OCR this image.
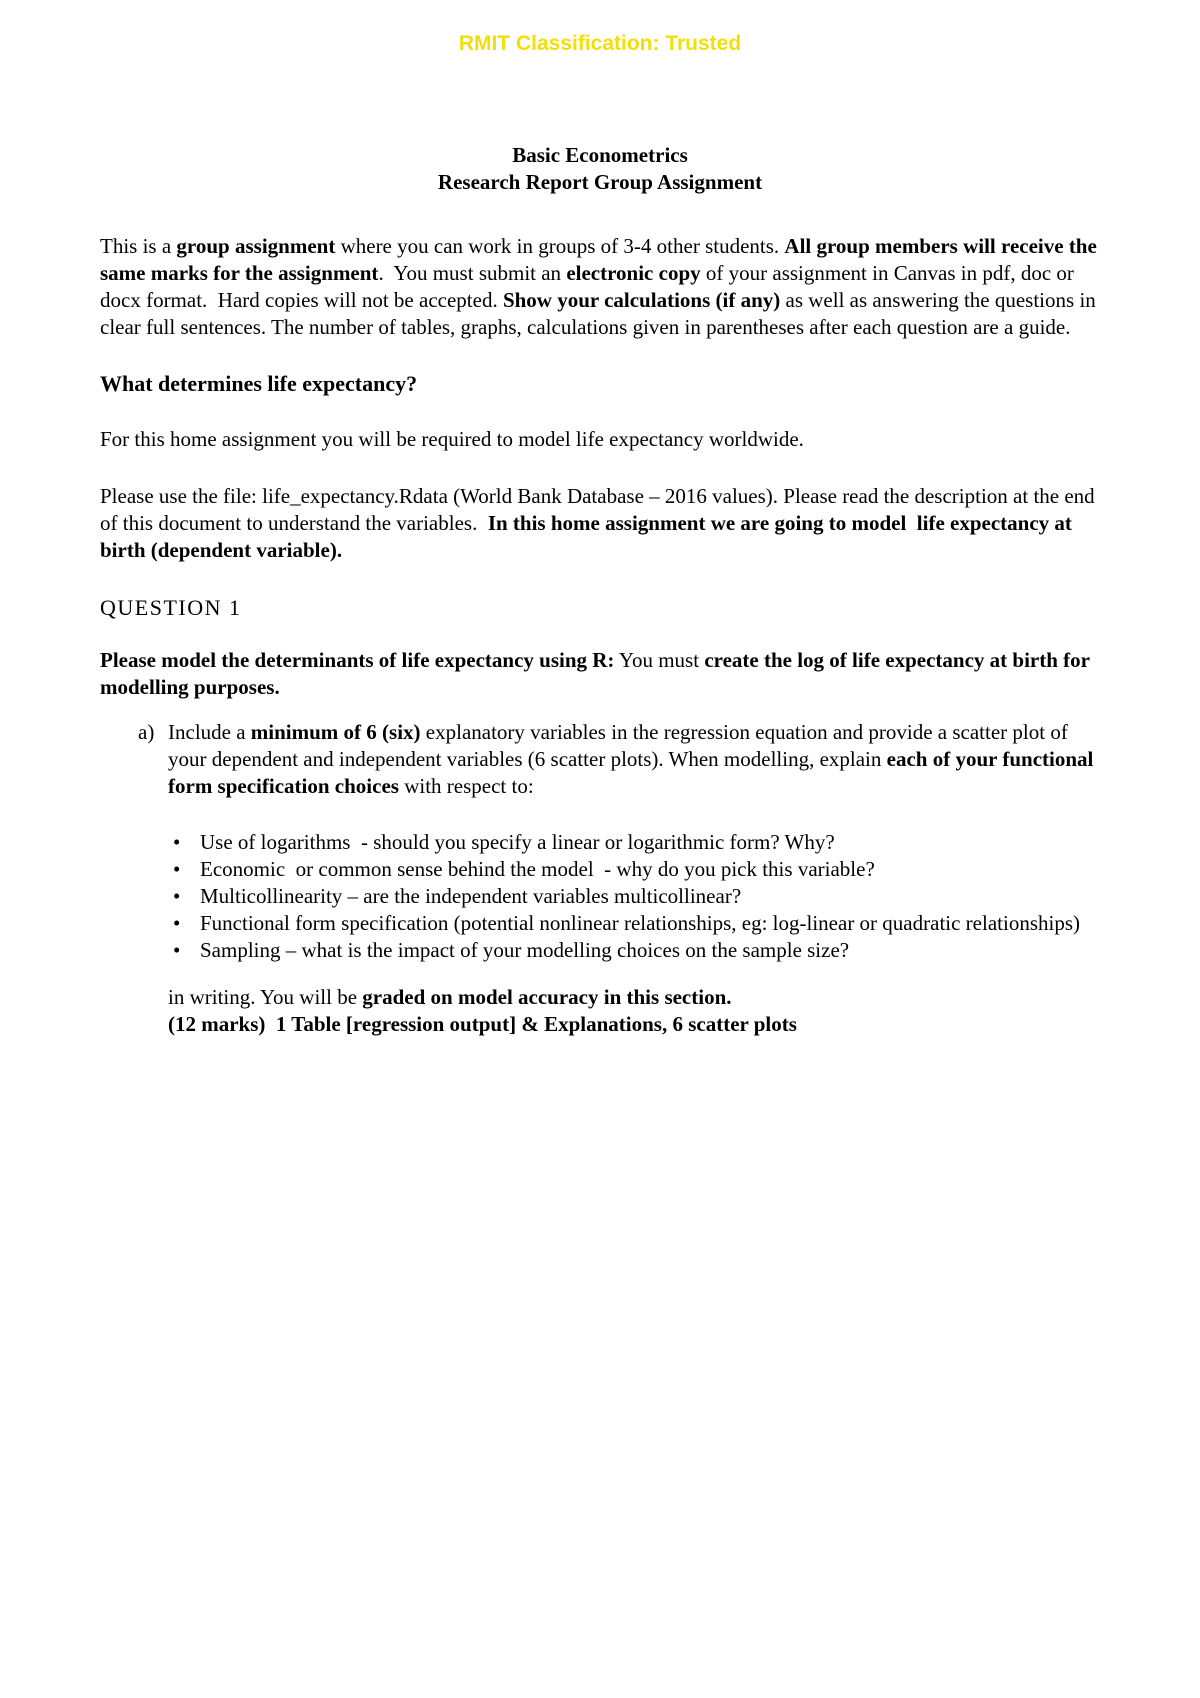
RMIT Classification: Trusted
Basic Econometrics
Research Report Group Assignment

This is a group assignment where you can work in groups of 3-4 other students. All group members will receive the same marks for the assignment.  You must submit an electronic copy of your assignment in Canvas in pdf, doc or docx format.  Hard copies will not be accepted. Show your calculations (if any) as well as answering the questions in clear full sentences. The number of tables, graphs, calculations given in parentheses after each question are a guide.

What determines life expectancy?

For this home assignment you will be required to model life expectancy worldwide.

Please use the file: life_expectancy.Rdata (World Bank Database – 2016 values). Please read the description at the end of this document to understand the variables.  In this home assignment we are going to model  life expectancy at birth (dependent variable).

QUESTION 1

Please model the determinants of life expectancy using R: You must create the log of life expectancy at birth for modelling purposes.

a) Include a minimum of 6 (six) explanatory variables in the regression equation and provide a scatter plot of your dependent and independent variables (6 scatter plots). When modelling, explain each of your functional form specification choices with respect to:
• Use of logarithms  - should you specify a linear or logarithmic form? Why?
• Economic  or common sense behind the model  - why do you pick this variable?
• Multicollinearity – are the independent variables multicollinear?
• Functional form specification (potential nonlinear relationships, eg: log-linear or quadratic relationships)
• Sampling – what is the impact of your modelling choices on the sample size?

in writing. You will be graded on model accuracy in this section.

(12 marks)  1 Table [regression output] & Explanations, 6 scatter plots
